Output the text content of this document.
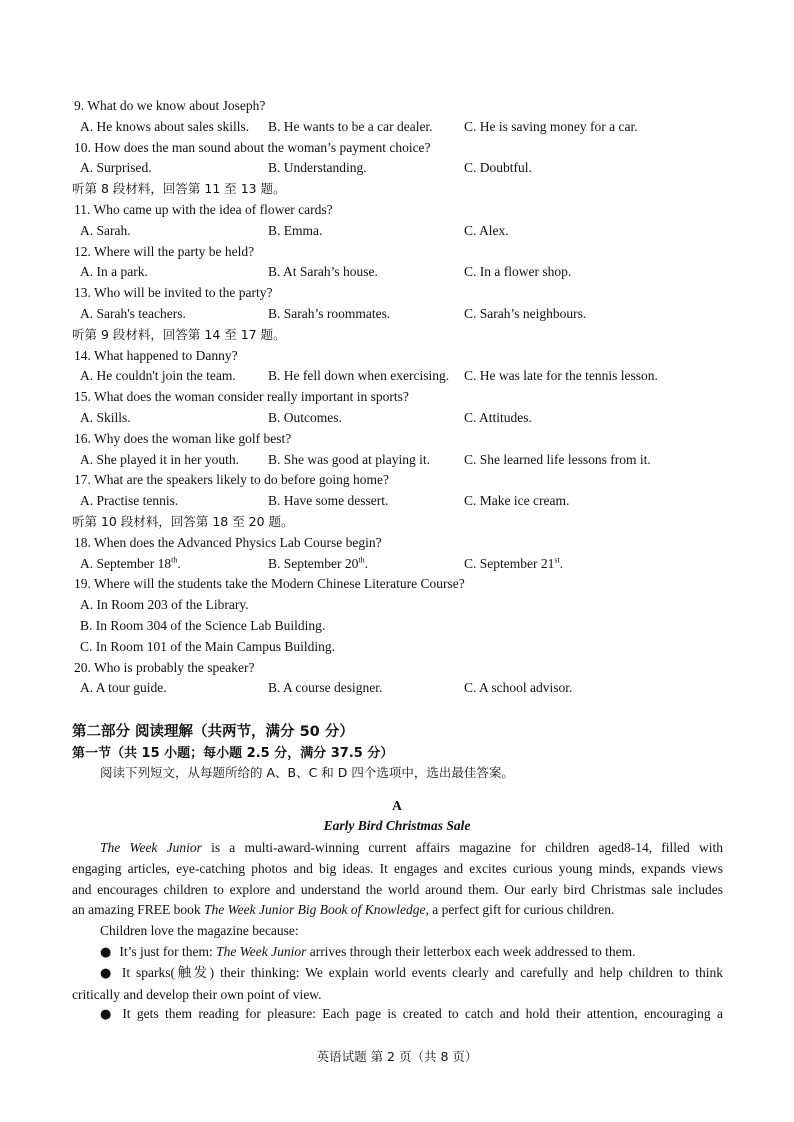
9. What do we know about Joseph?
A. He knows about sales skills. B. He wants to be a car dealer. C. He is saving money for a car.
10. How does the man sound about the woman’s payment choice?
A. Surprised.	B. Understanding.	C. Doubtful.
听第 8 段材料，回答第 11 至 13 题。
11. Who came up with the idea of flower cards?
A. Sarah.	B. Emma.	C. Alex.
12. Where will the party be held?
A. In a park.	B. At Sarah’s house.	C. In a flower shop.
13. Who will be invited to the party?
A. Sarah's teachers.	B. Sarah’s roommates.	C. Sarah’s neighbours.
听第 9 段材料，回答第 14 至 17 题。
14. What happened to Danny?
A. He couldn't join the team. B. He fell down when exercising. C. He was late for the tennis lesson.
15. What does the woman consider really important in sports?
A. Skills.	B. Outcomes.	C. Attitudes.
16. Why does the woman like golf best?
A. She played it in her youth. B. She was good at playing it.	C. She learned life lessons from it.
17. What are the speakers likely to do before going home?
A. Practise tennis.	B. Have some dessert.	C. Make ice cream.
听第 10 段材料，回答第 18 至 20 题。
18. When does the Advanced Physics Lab Course begin?
A. September 18th.	B. September 20th.	C. September 21st.
19. Where will the students take the Modern Chinese Literature Course?
A. In Room 203 of the Library.
B. In Room 304 of the Science Lab Building.
C. In Room 101 of the Main Campus Building.
20. Who is probably the speaker?
A. A tour guide.	B. A course designer.	C. A school advisor.
第二部分 阅读理解（共两节，满分 50 分）
第一节（共 15 小题；每小题 2.5 分，满分 37.5 分）
阅读下列短文，从每题所给的 A、B、C 和 D 四个选项中，选出最佳答案。
A
Early Bird Christmas Sale
The Week Junior is a multi-award-winning current affairs magazine for children aged8-14, filled with
engaging articles, eye-catching photos and big ideas. It engages and excites curious young minds, expands views
and encourages children to explore and understand the world around them. Our early bird Christmas sale includes
an amazing FREE book The Week Junior Big Book of Knowledge, a perfect gift for curious children.
Children love the magazine because:
● It’s just for them: The Week Junior arrives through their letterbox each week addressed to them.
● It sparks(触发) their thinking: We explain world events clearly and carefully and help children to think
critically and develop their own point of view.
● It gets them reading for pleasure: Each page is created to catch and hold their attention, encouraging a
英语试题 第 2 页（共 8 页）
